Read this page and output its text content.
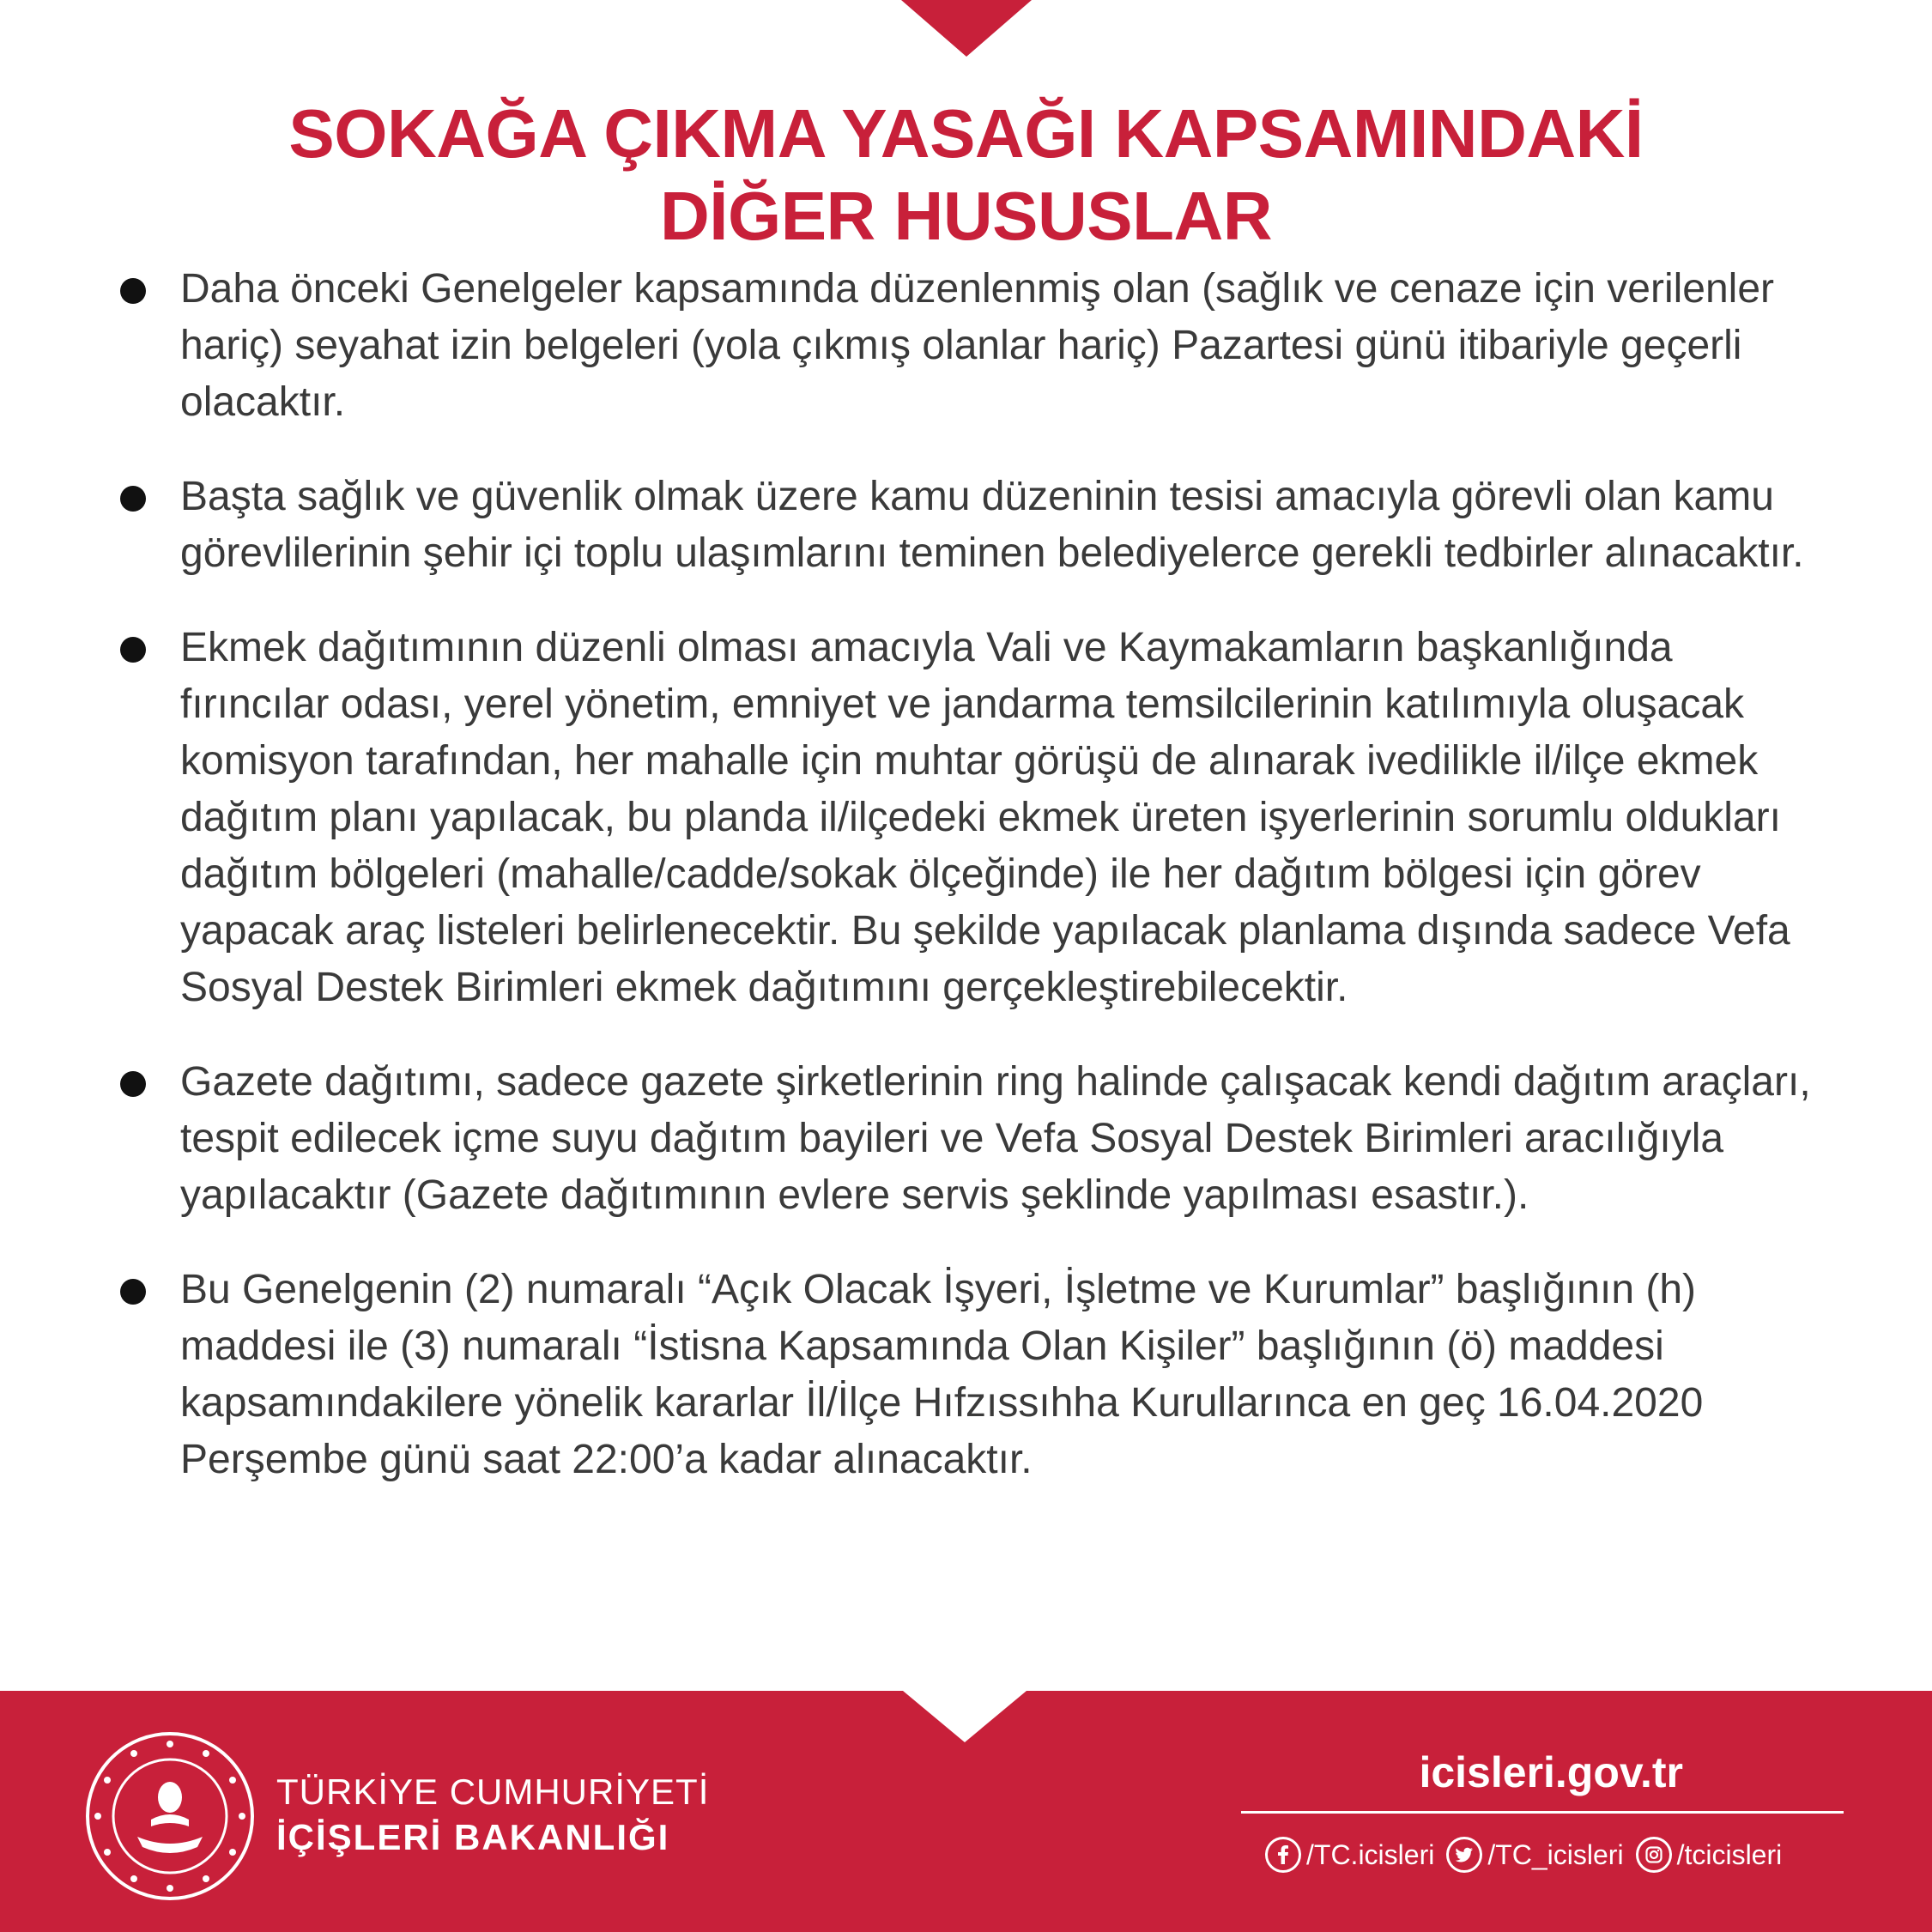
SOKAĞA ÇIKMA YASAĞI KAPSAMINDAKİ
DİĞER HUSUSLAR
Daha önceki Genelgeler kapsamında düzenlenmiş olan (sağlık ve cenaze için verilenler hariç) seyahat izin belgeleri (yola çıkmış olanlar hariç) Pazartesi günü itibariyle geçerli olacaktır.
Başta sağlık ve güvenlik olmak üzere kamu düzeninin tesisi amacıyla görevli olan kamu görevlilerinin şehir içi toplu ulaşımlarını teminen belediyelerce gerekli tedbirler alınacaktır.
Ekmek dağıtımının düzenli olması amacıyla Vali ve Kaymakamların başkanlığında fırıncılar odası, yerel yönetim, emniyet ve jandarma temsilcilerinin katılımıyla oluşacak komisyon tarafından, her mahalle için muhtar görüşü de alınarak ivedilikle il/ilçe ekmek dağıtım planı yapılacak, bu planda il/ilçedeki ekmek üreten işyerlerinin sorumlu oldukları dağıtım bölgeleri (mahalle/cadde/sokak ölçeğinde) ile her dağıtım bölgesi için görev yapacak araç listeleri belirlenecektir. Bu şekilde yapılacak planlama dışında sadece Vefa Sosyal Destek Birimleri ekmek dağıtımını gerçekleştirebilecektir.
Gazete dağıtımı, sadece gazete şirketlerinin ring halinde çalışacak kendi dağıtım araçları, tespit edilecek içme suyu dağıtım bayileri ve Vefa Sosyal Destek Birimleri aracılığıyla yapılacaktır (Gazete dağıtımının evlere servis şeklinde yapılması esastır.).
Bu Genelgenin (2) numaralı “Açık Olacak İşyeri, İşletme ve Kurumlar” başlığının (h) maddesi ile (3) numaralı “İstisna Kapsamında Olan Kişiler” başlığının (ö) maddesi kapsamındakilere yönelik kararlar İl/İlçe Hıfzıssıhha Kurullarınca en geç 16.04.2020 Perşembe günü saat 22:00’a kadar alınacaktır.
TÜRKİYE CUMHURİYETİ
İÇİŞLERİ BAKANLIĞI
icisleri.gov.tr
/TC.icisleri /TC_icisleri /tcicisleri
